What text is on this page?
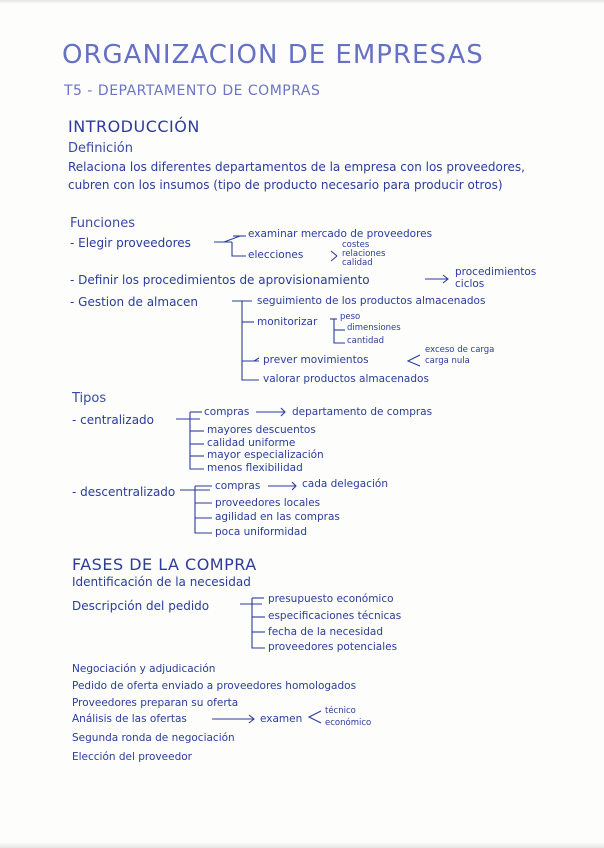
ORGANIZACION DE EMPRESAS
T5 - DEPARTAMENTO DE COMPRAS
INTRODUCCIÓN
Definición
Relaciona los diferentes departamentos de la empresa con los proveedores,
cubren con los insumos (tipo de producto necesario para producir otros)
Funciones
- Elegir proveedores
examinar mercado de proveedores
elecciones
costes
relaciones
calidad
- Definir los procedimientos de aprovisionamiento
procedimientos
ciclos
- Gestion de almacen	seguimiento de los productos almacenados
monitorizar	peso
dimensiones
cantidad
prever movimientos
exceso de carga
carga nula
valorar productos almacenados
Tipos
- centralizado
compras	departamento de compras
mayores descuentos
calidad uniforme
mayor especialización
menos flexibilidad
- descentralizado	compras	cada delegación
proveedores locales
agilidad en las compras
poca uniformidad
FASES DE LA COMPRA
Identificación de la necesidad
Descripción del pedido	presupuesto económico
especificaciones técnicas
fecha de la necesidad
proveedores potenciales
Negociación y adjudicación
Pedido de oferta enviado a proveedores homologados
Proveedores preparan su oferta
Análisis de las ofertas	examen
técnico
económico
Segunda ronda de negociación
Elección del proveedor
